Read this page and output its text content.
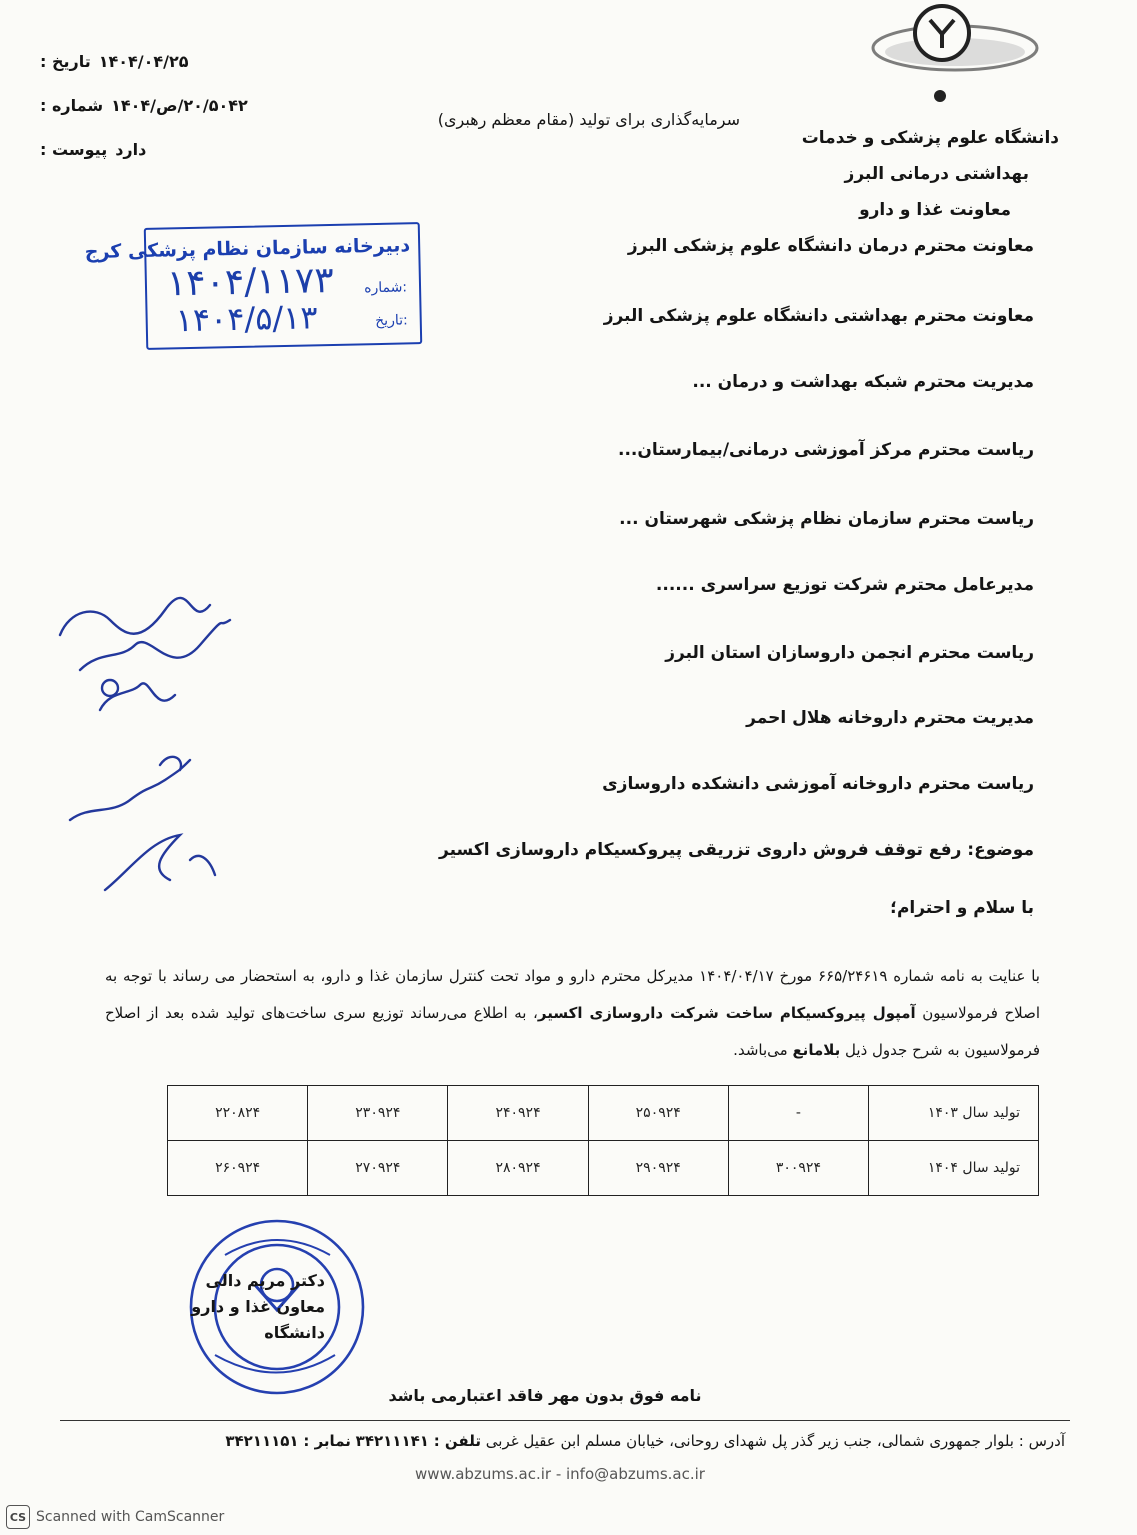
دانشگاه علوم پزشکی و خدمات
بهداشتی درمانی البرز
معاونت غذا و دارو
سرمایه‌گذاری برای تولید (مقام معظم رهبری)
تاریخ : ۱۴۰۴/۰۴/۲۵
شماره : ۲۰/۵۰۴۲/ص/۱۴۰۴
پیوست : دارد
دبیرخانه سازمان نظام پزشکی کرج
شماره:
تاریخ:
۱۴۰۴/۱۱۷۳
۱۴۰۴/۵/۱۳
معاونت محترم درمان دانشگاه علوم پزشکی البرز
معاونت محترم بهداشتی دانشگاه علوم پزشکی البرز
مدیریت محترم شبکه بهداشت و درمان ...
ریاست محترم مرکز آموزشی درمانی/بیمارستان...
ریاست محترم سازمان نظام پزشکی شهرستان ...
مدیرعامل محترم شرکت توزیع سراسری ......
ریاست محترم انجمن داروسازان استان البرز
مدیریت محترم داروخانه هلال احمر
ریاست محترم داروخانه آموزشی دانشکده داروسازی
موضوع: رفع توقف فروش داروی تزریقی پیروکسیکام داروسازی اکسیر
با سلام و احترام؛
با عنایت به نامه شماره ۶۶۵/۲۴۶۱۹ مورخ ۱۴۰۴/۰۴/۱۷ مدیرکل محترم دارو و مواد تحت کنترل سازمان غذا و دارو، به استحضار می رساند با توجه به اصلاح فرمولاسیون آمپول پیروکسیکام ساخت شرکت داروسازی اکسیر، به اطلاع می‌رساند توزیع سری ساخت‌های تولید شده بعد از اصلاح فرمولاسیون به شرح جدول ذیل بلامانع می‌باشد.
تولید سال ۱۴۰۳	-	۲۵۰۹۲۴	۲۴۰۹۲۴	۲۳۰۹۲۴	۲۲۰۸۲۴
تولید سال ۱۴۰۴	۳۰۰۹۲۴	۲۹۰۹۲۴	۲۸۰۹۲۴	۲۷۰۹۲۴	۲۶۰۹۲۴
دکتر مریم دالی
معاون غذا و دارو دانشگاه
نامه فوق بدون مهر فاقد اعتبارمی باشد
آدرس : بلوار جمهوری شمالی، جنب زیر گذر پل شهدای روحانی، خیابان مسلم ابن عقیل غربی تلفن : ۳۴۲۱۱۱۴۱ نمابر : ۳۴۲۱۱۱۵۱
www.abzums.ac.ir - info@abzums.ac.ir
CS Scanned with CamScanner
